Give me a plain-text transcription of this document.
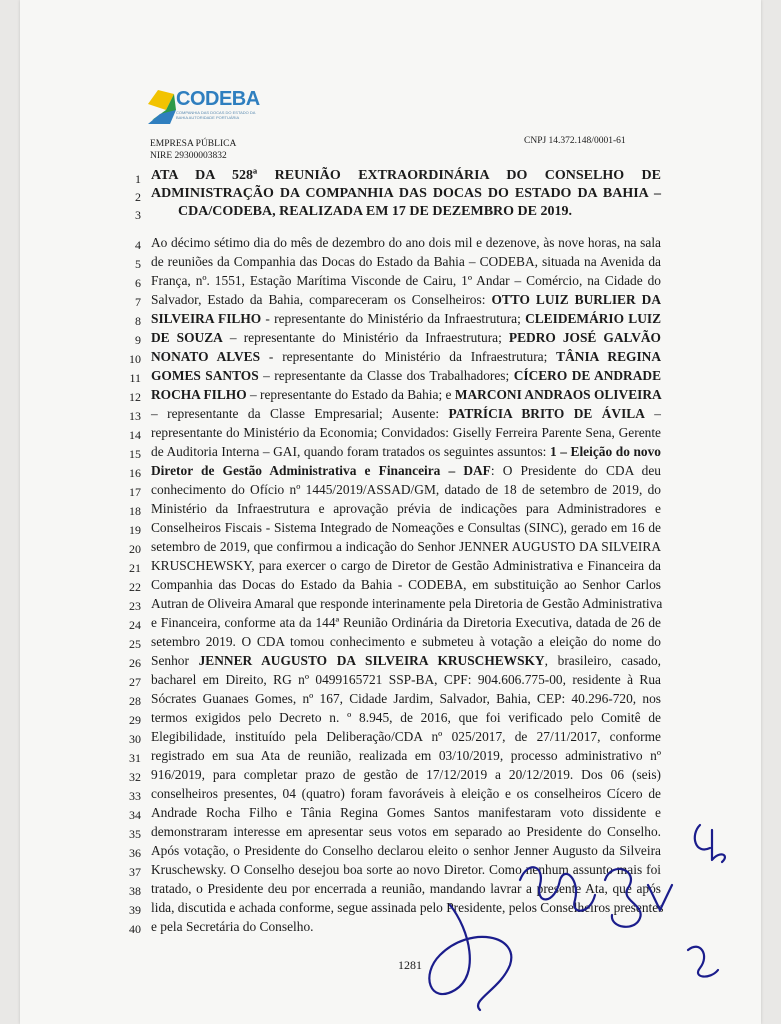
CODEBA
COMPANHIA DAS DOCAS DO ESTADO DA BAHIA AUTORIDADE PORTUÁRIA
EMPRESA PÚBLICA
NIRE 29300003832
CNPJ 14.372.148/0001-61
1 ATA DA 528ª REUNIÃO EXTRAORDINÁRIA DO CONSELHO DE
2 ADMINISTRAÇÃO DA COMPANHIA DAS DOCAS DO ESTADO DA BAHIA –
3	CDA/CODEBA, REALIZADA EM 17 DE DEZEMBRO DE 2019.
4 Ao décimo sétimo dia do mês de dezembro do ano dois mil e dezenove, às nove horas, na sala
5 de reuniões da Companhia das Docas do Estado da Bahia – CODEBA, situada na Avenida da
6 França, nº. 1551, Estação Marítima Visconde de Cairu, 1º Andar – Comércio, na Cidade do
7 Salvador, Estado da Bahia, compareceram os Conselheiros: OTTO LUIZ BURLIER DA
8 SILVEIRA FILHO - representante do Ministério da Infraestrutura; CLEIDEMÁRIO LUIZ
9 DE SOUZA – representante do Ministério da Infraestrutura; PEDRO JOSÉ GALVÃO
10 NONATO ALVES - representante do Ministério da Infraestrutura; TÂNIA REGINA
11 GOMES SANTOS – representante da Classe dos Trabalhadores; CÍCERO DE ANDRADE
12 ROCHA FILHO – representante do Estado da Bahia; e MARCONI ANDRAOS OLIVEIRA
13 – representante da Classe Empresarial; Ausente: PATRÍCIA BRITO DE ÁVILA –
14 representante do Ministério da Economia; Convidados: Giselly Ferreira Parente Sena, Gerente
15 de Auditoria Interna – GAI, quando foram tratados os seguintes assuntos: 1 – Eleição do novo
16 Diretor de Gestão Administrativa e Financeira – DAF: O Presidente do CDA deu
17 conhecimento do Ofício nº 1445/2019/ASSAD/GM, datado de 18 de setembro de 2019, do
18 Ministério da Infraestrutura e aprovação prévia de indicações para Administradores e
19 Conselheiros Fiscais - Sistema Integrado de Nomeações e Consultas (SINC), gerado em 16 de
20 setembro de 2019, que confirmou a indicação do Senhor JENNER AUGUSTO DA SILVEIRA
21 KRUSCHEWSKY, para exercer o cargo de Diretor de Gestão Administrativa e Financeira da
22 Companhia das Docas do Estado da Bahia - CODEBA, em substituição ao Senhor Carlos
23 Autran de Oliveira Amaral que responde interinamente pela Diretoria de Gestão Administrativa
24 e Financeira, conforme ata da 144ª Reunião Ordinária da Diretoria Executiva, datada de 26 de
25 setembro 2019. O CDA tomou conhecimento e submeteu à votação a eleição do nome do
26 Senhor JENNER AUGUSTO DA SILVEIRA KRUSCHEWSKY, brasileiro, casado,
27 bacharel em Direito, RG nº 0499165721 SSP-BA, CPF: 904.606.775-00, residente à Rua
28 Sócrates Guanaes Gomes, nº 167, Cidade Jardim, Salvador, Bahia, CEP: 40.296-720, nos
29 termos exigidos pelo Decreto n. º 8.945, de 2016, que foi verificado pelo Comitê de
30 Elegibilidade, instituído pela Deliberação/CDA nº 025/2017, de 27/11/2017, conforme
31 registrado em sua Ata de reunião, realizada em 03/10/2019, processo administrativo nº
32 916/2019, para completar prazo de gestão de 17/12/2019 a 20/12/2019. Dos 06 (seis)
33 conselheiros presentes, 04 (quatro) foram favoráveis à eleição e os conselheiros Cícero de
34 Andrade Rocha Filho e Tânia Regina Gomes Santos manifestaram voto dissidente e
35 demonstraram interesse em apresentar seus votos em separado ao Presidente do Conselho.
36 Após votação, o Presidente do Conselho declarou eleito o senhor Jenner Augusto da Silveira
37 Kruschewsky. O Conselho desejou boa sorte ao novo Diretor. Como nenhum assunto mais foi
38 tratado, o Presidente deu por encerrada a reunião, mandando lavrar a presente Ata, que após
39 lida, discutida e achada conforme, segue assinada pelo Presidente, pelos Conselheiros presentes
40 e pela Secretária do Conselho.
1281
